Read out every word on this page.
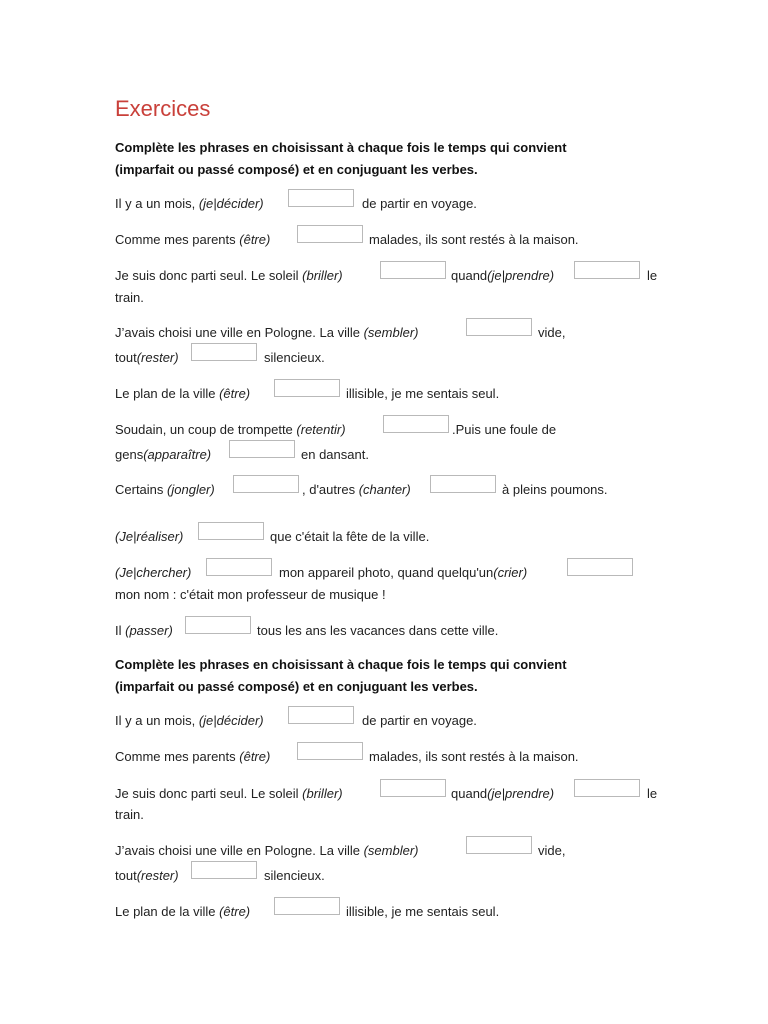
Exercices
Complète les phrases en choisissant à chaque fois le temps qui convient
(imparfait ou passé composé) et en conjuguant les verbes.
Il y a un mois, (je|décider)	de partir en voyage.
Comme mes parents (être)	malades, ils sont restés à la maison.
Je suis donc parti seul. Le soleil (briller)	quand(je|prendre)	le
train.
J’avais choisi une ville en Pologne. La ville (sembler)	vide,
tout(rester)	silencieux.
Le plan de la ville (être)	illisible, je me sentais seul.
Soudain, un coup de trompette (retentir)	.Puis une foule de
gens(apparaître)	en dansant.
Certains (jongler)	, d'autres (chanter)	à pleins poumons.
(Je|réaliser)	que c'était la fête de la ville.
(Je|chercher)	mon appareil photo, quand quelqu'un(crier)
mon nom : c'était mon professeur de musique !
Il (passer)	tous les ans les vacances dans cette ville.
Complète les phrases en choisissant à chaque fois le temps qui convient
(imparfait ou passé composé) et en conjuguant les verbes.
Il y a un mois, (je|décider)	de partir en voyage.
Comme mes parents (être)	malades, ils sont restés à la maison.
Je suis donc parti seul. Le soleil (briller)	quand(je|prendre)	le
train.
J’avais choisi une ville en Pologne. La ville (sembler)	vide,
tout(rester)	silencieux.
Le plan de la ville (être)	illisible, je me sentais seul.
